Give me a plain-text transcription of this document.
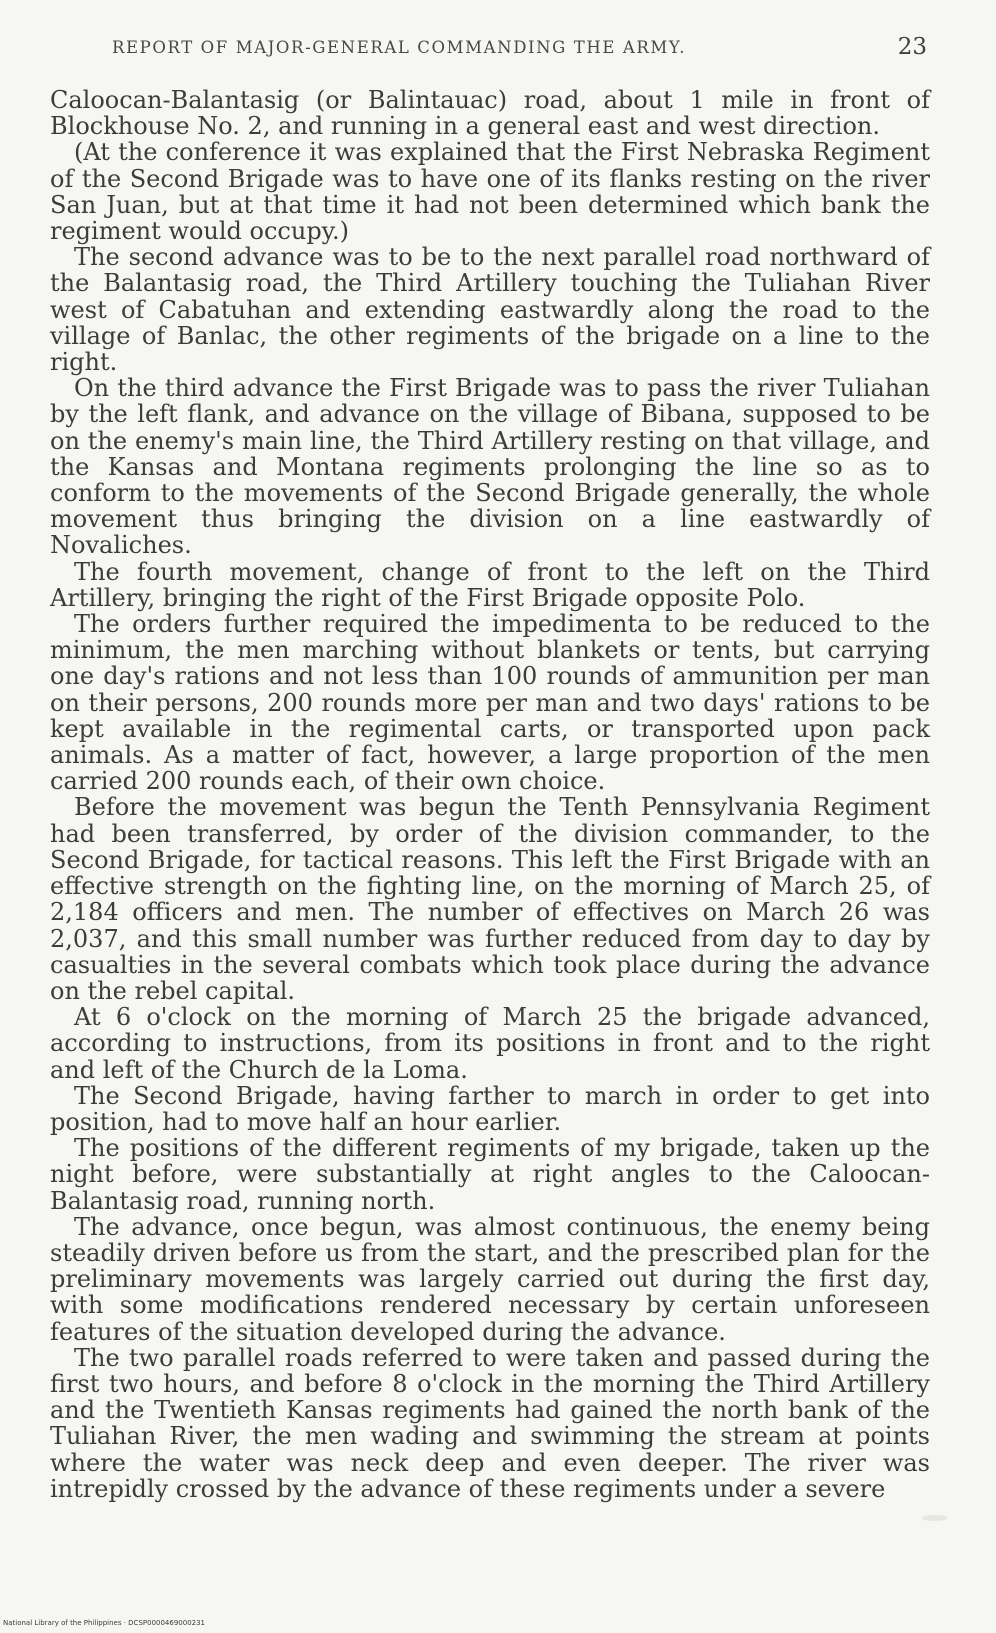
REPORT OF MAJOR-GENERAL COMMANDING THE ARMY.	23

Caloocan-Balantasig (or Balintauac) road, about 1 mile in front of Blockhouse No. 2, and running in a general east and west direction.

(At the conference it was explained that the First Nebraska Regiment of the Second Brigade was to have one of its flanks resting on the river San Juan, but at that time it had not been determined which bank the regiment would occupy.)

The second advance was to be to the next parallel road northward of the Balantasig road, the Third Artillery touching the Tuliahan River west of Cabatuhan and extending eastwardly along the road to the village of Banlac, the other regiments of the brigade on a line to the right.

On the third advance the First Brigade was to pass the river Tuliahan by the left flank, and advance on the village of Bibana, supposed to be on the enemy's main line, the Third Artillery resting on that village, and the Kansas and Montana regiments prolonging the line so as to conform to the movements of the Second Brigade generally, the whole movement thus bringing the division on a line eastwardly of Novaliches.

The fourth movement, change of front to the left on the Third Artillery, bringing the right of the First Brigade opposite Polo.

The orders further required the impedimenta to be reduced to the minimum, the men marching without blankets or tents, but carrying one day's rations and not less than 100 rounds of ammunition per man on their persons, 200 rounds more per man and two days' rations to be kept available in the regimental carts, or transported upon pack animals. As a matter of fact, however, a large proportion of the men carried 200 rounds each, of their own choice.

Before the movement was begun the Tenth Pennsylvania Regiment had been transferred, by order of the division commander, to the Second Brigade, for tactical reasons. This left the First Brigade with an effective strength on the fighting line, on the morning of March 25, of 2,184 officers and men. The number of effectives on March 26 was 2,037, and this small number was further reduced from day to day by casualties in the several combats which took place during the advance on the rebel capital.

At 6 o'clock on the morning of March 25 the brigade advanced, according to instructions, from its positions in front and to the right and left of the Church de la Loma.

The Second Brigade, having farther to march in order to get into position, had to move half an hour earlier.

The positions of the different regiments of my brigade, taken up the night before, were substantially at right angles to the Caloocan-Balantasig road, running north.

The advance, once begun, was almost continuous, the enemy being steadily driven before us from the start, and the prescribed plan for the preliminary movements was largely carried out during the first day, with some modifications rendered necessary by certain unforeseen features of the situation developed during the advance.

The two parallel roads referred to were taken and passed during the first two hours, and before 8 o'clock in the morning the Third Artillery and the Twentieth Kansas regiments had gained the north bank of the Tuliahan River, the men wading and swimming the stream at points where the water was neck deep and even deeper. The river was intrepidly crossed by the advance of these regiments under a severe

National Library of the Philippines · DCSP0000469000231
